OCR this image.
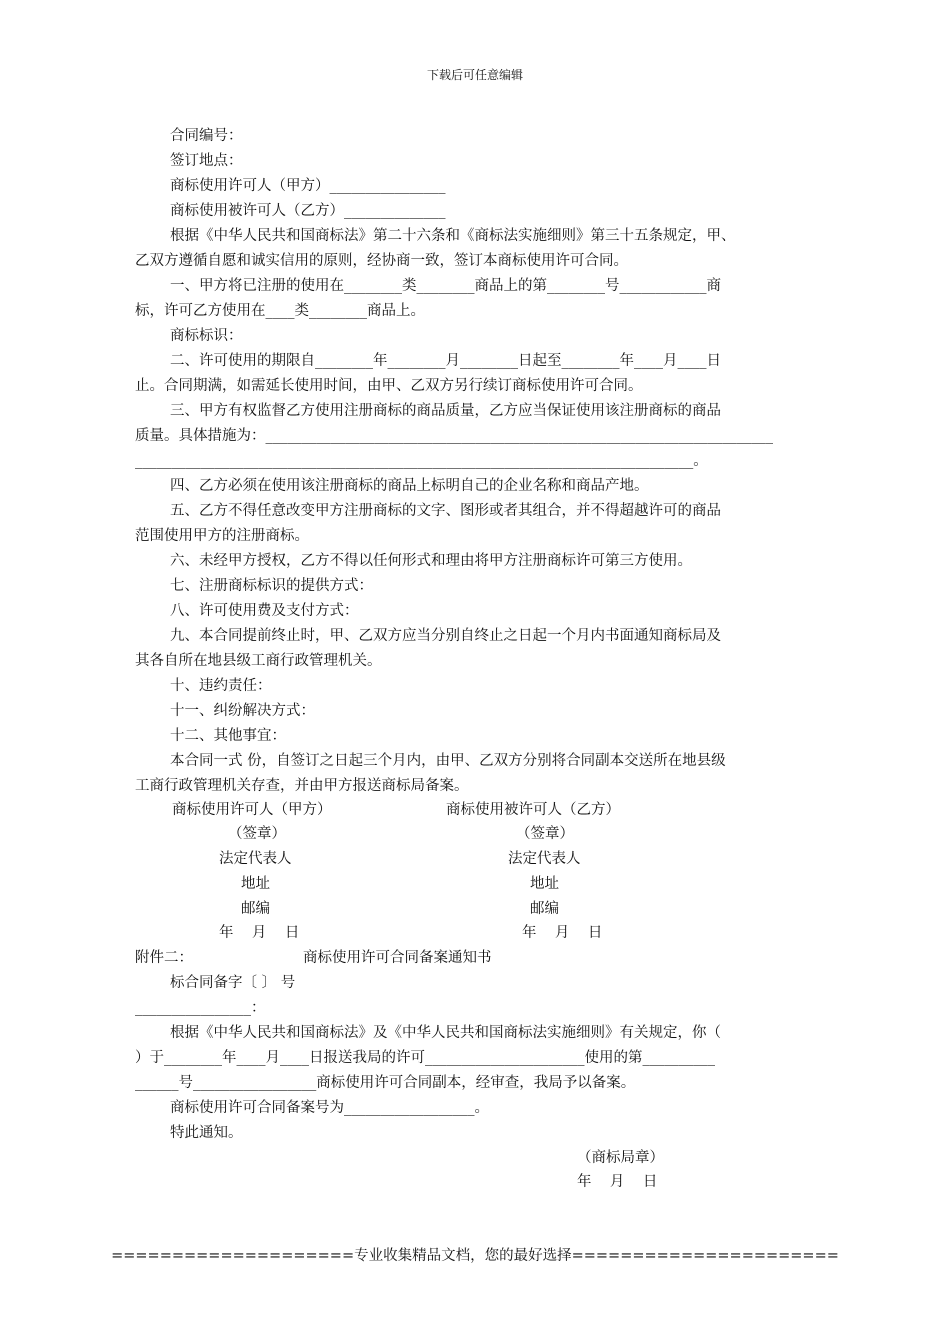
下载后可任意编辑
合同编号：
签订地点：
商标使用许可人（甲方）________________
商标使用被许可人（乙方）______________
根据《中华人民共和国商标法》第二十六条和《商标法实施细则》第三十五条规定，甲、
乙双方遵循自愿和诚实信用的原则，经协商一致，签订本商标使用许可合同。
一、甲方将已注册的使用在________类________商品上的第________号____________商
标，许可乙方使用在____类________商品上。
商标标识：
二、许可使用的期限自________年________月________日起至________年____月____日
止。合同期满，如需延长使用时间，由甲、乙双方另行续订商标使用许可合同。
三、甲方有权监督乙方使用注册商标的商品质量，乙方应当保证使用该注册商标的商品
质量。具体措施为：______________________________________________________________________
_____________________________________________________________________________。
四、乙方必须在使用该注册商标的商品上标明自己的企业名称和商品产地。
五、乙方不得任意改变甲方注册商标的文字、图形或者其组合，并不得超越许可的商品
范围使用甲方的注册商标。
六、未经甲方授权，乙方不得以任何形式和理由将甲方注册商标许可第三方使用。
七、注册商标标识的提供方式：
八、许可使用费及支付方式：
九、本合同提前终止时，甲、乙双方应当分别自终止之日起一个月内书面通知商标局及
其各自所在地县级工商行政管理机关。
十、违约责任：
十一、纠纷解决方式：
十二、其他事宜：
本合同一式 份，自签订之日起三个月内，由甲、乙双方分别将合同副本交送所在地县级
工商行政管理机关存查，并由甲方报送商标局备案。
商标使用许可人（甲方）	商标使用被许可人（乙方）
（签章）	（签章）
法定代表人	法定代表人
地址	地址
邮编	邮编
年    月    日	年    月    日
附件二：	商标使用许可合同备案通知书
标合同备字〔 〕 号
________________：
根据《中华人民共和国商标法》及《中华人民共和国商标法实施细则》有关规定，你（
）于________年____月____日报送我局的许可______________________使用的第__________
______号_________________商标使用许可合同副本，经审查，我局予以备案。
商标使用许可合同备案号为__________________。
特此通知。
（商标局章）
年    月    日
====================专业收集精品文档，您的最好选择======================
